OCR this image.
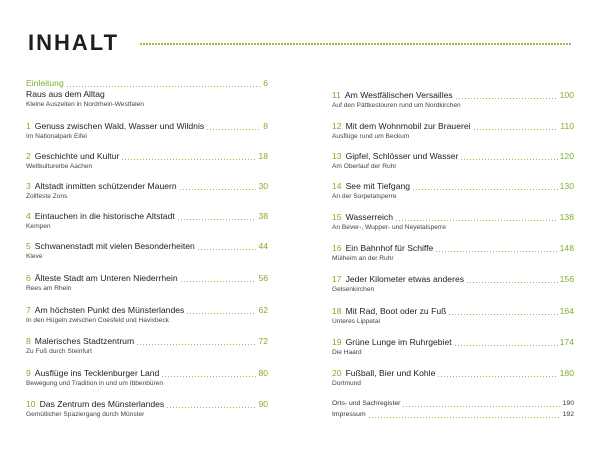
INHALT
Einleitung	6
Raus aus dem Alltag
Kleine Auszeiten in Nordrhein-Westfalen
1 Genuss zwischen Wald, Wasser und Wildnis	8
Im Nationalpark Eifel
2 Geschichte und Kultur	18
Weltkulturerbe Aachen
3 Altstadt inmitten schützender Mauern	30
Zollfeste Zons
4 Eintauchen in die historische Altstadt	38
Kempen
5 Schwanenstadt mit vielen Besonderheiten	44
Kleve
6 Älteste Stadt am Unteren Niederrhein	56
Rees am Rhein
7 Am höchsten Punkt des Münsterlandes	62
In den Hügeln zwischen Coesfeld und Havixbeck
8 Malerisches Stadtzentrum	72
Zu Fuß durch Steinfurt
9 Ausflüge ins Tecklenburger Land	80
Bewegung und Tradition in und um Ibbenbüren
10 Das Zentrum des Münsterlandes	90
Gemütlicher Spaziergang durch Münster
11 Am Westfälischen Versailles	100
Auf den Pättkestouren rund um Nordkirchen
12 Mit dem Wohnmobil zur Brauerei	110
Ausflüge rund um Beckum
13 Gipfel, Schlösser und Wasser	120
Am Oberlauf der Ruhr
14 See mit Tiefgang	130
An der Sorpetalsperre
15 Wasserreich	138
An Bever-, Wupper- und Neyetalsperre
16 Ein Bahnhof für Schiffe	148
Mülheim an der Ruhr
17 Jeder Kilometer etwas anderes	156
Gelsenkirchen
18 Mit Rad, Boot oder zu Fuß	164
Unteres Lippetal
19 Grüne Lunge im Ruhrgebiet	174
Die Haard
20 Fußball, Bier und Kohle	180
Dortmund
Orts- und Sachregister	190
Impressum	192
